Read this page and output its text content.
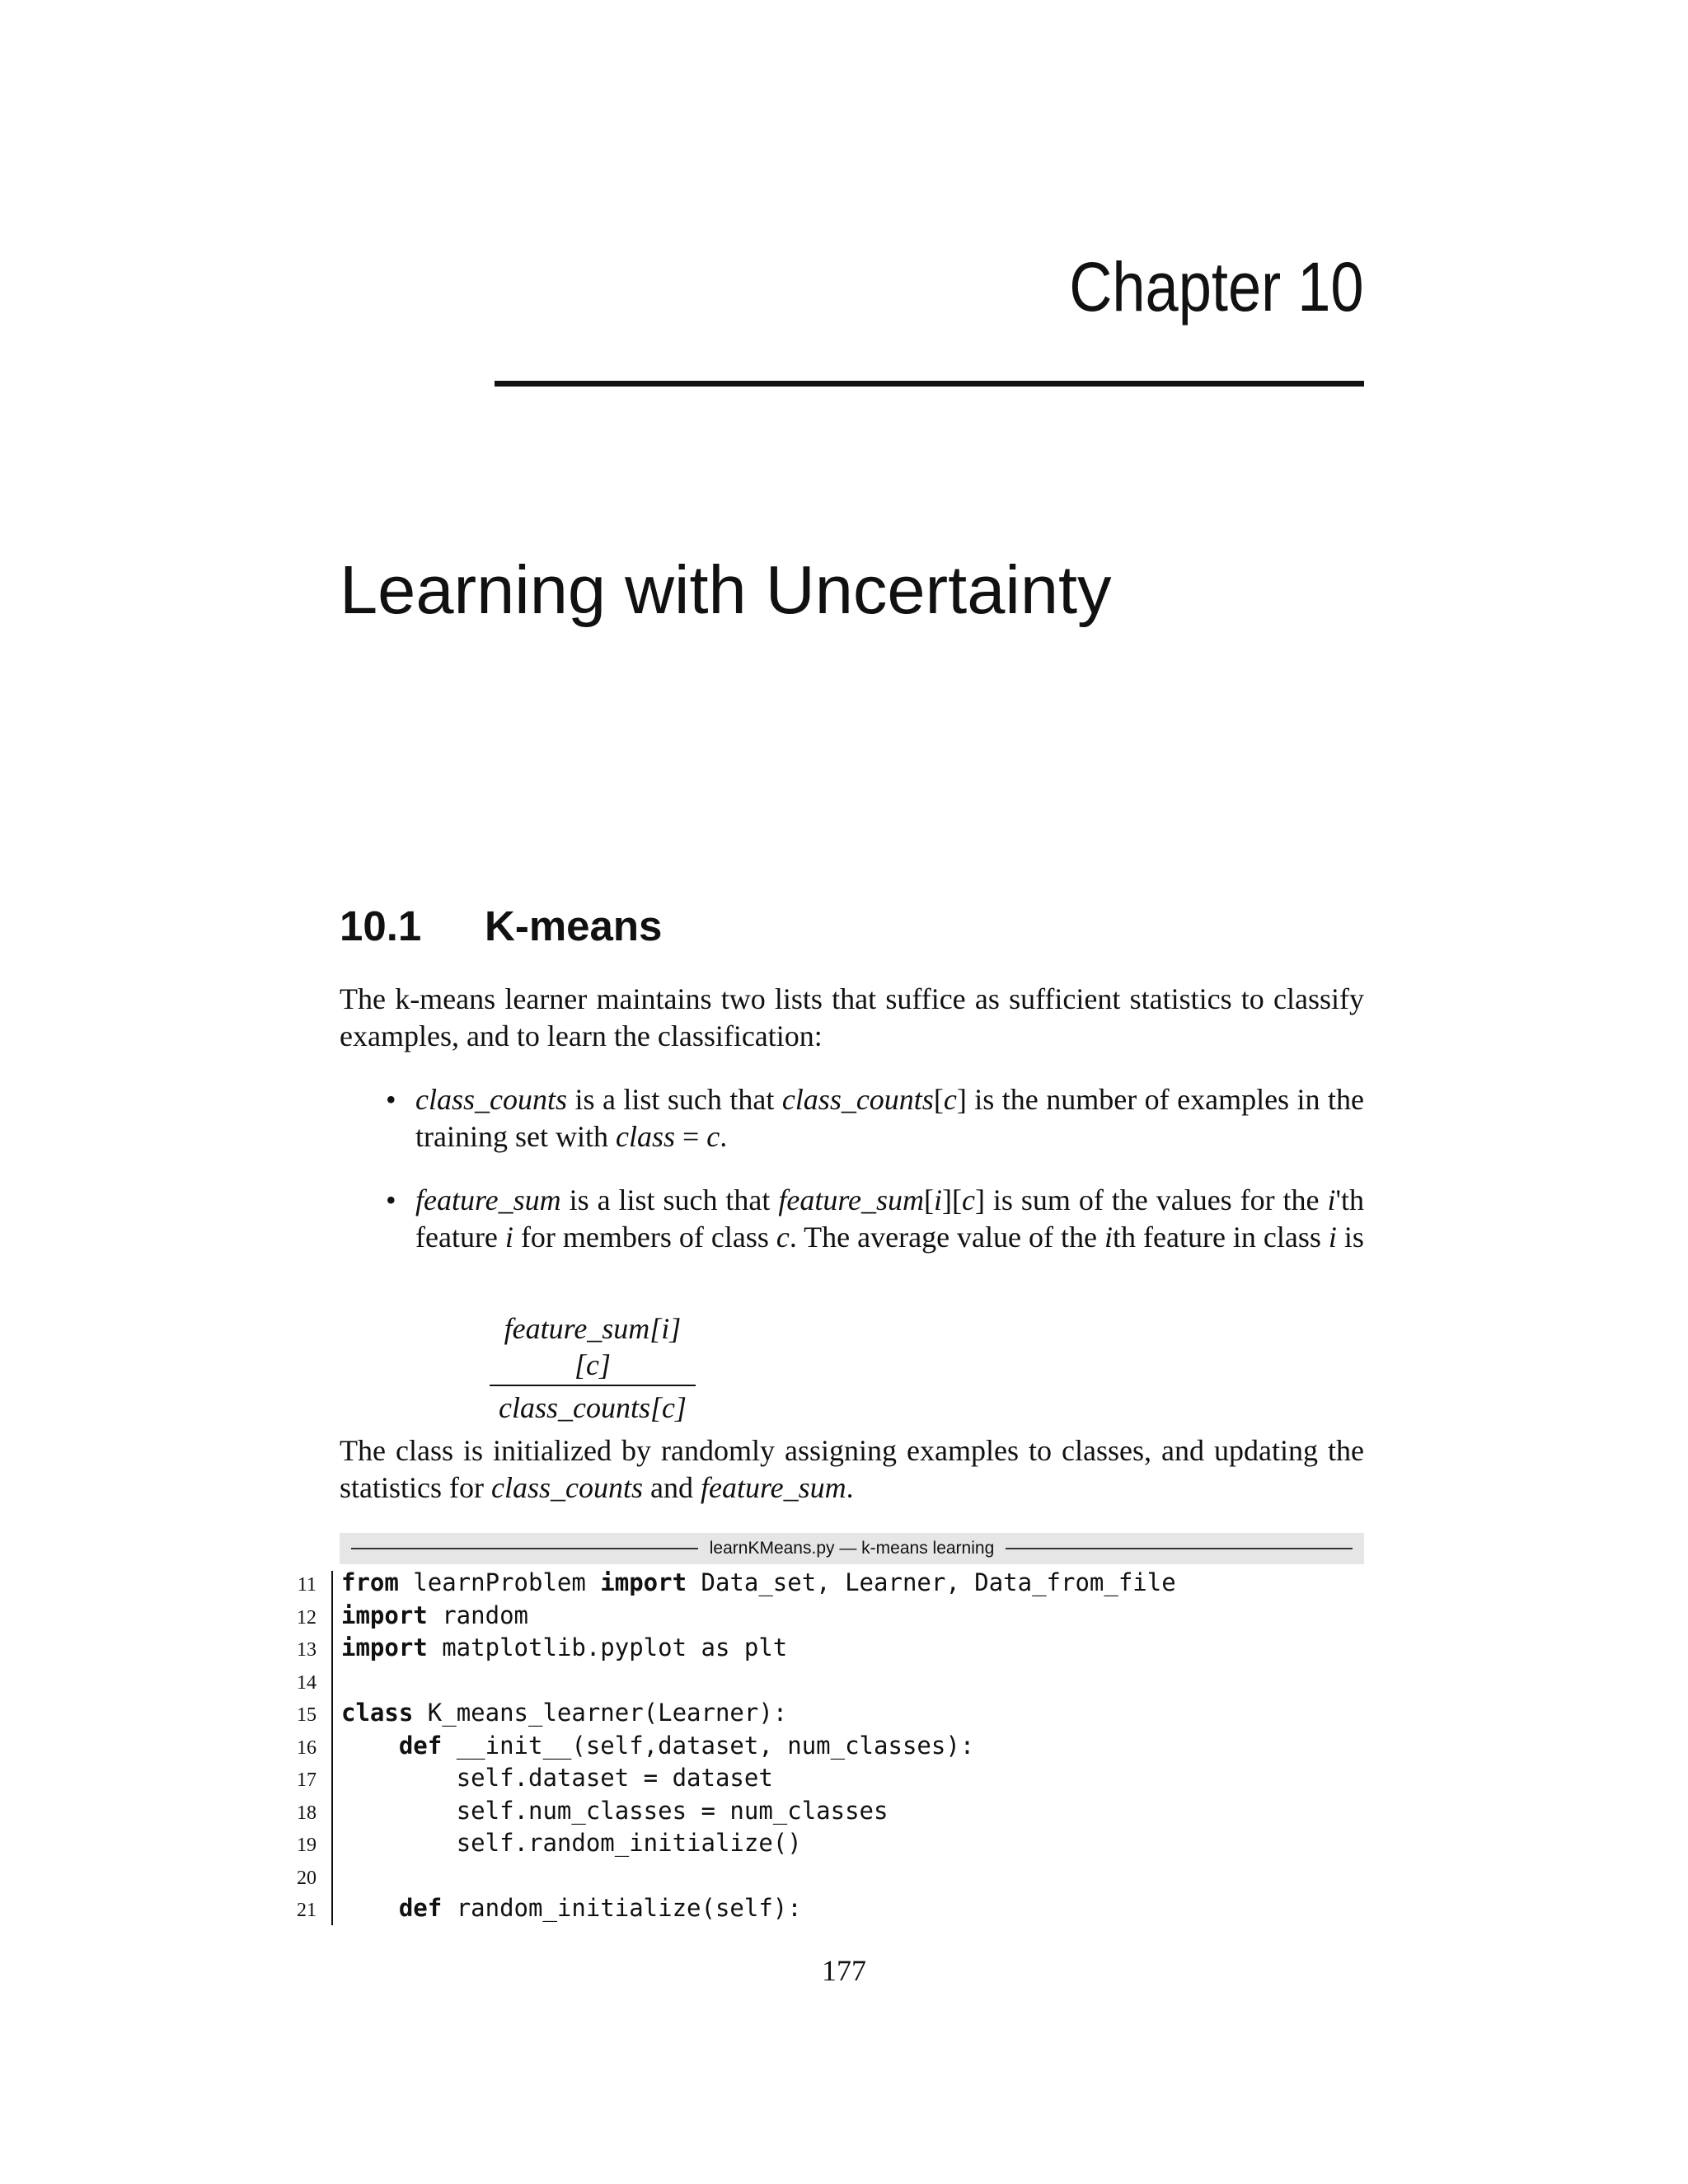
Chapter 10
Learning with Uncertainty
10.1 K-means
The k-means learner maintains two lists that suffice as sufficient statistics to classify examples, and to learn the classification:
• class_counts is a list such that class_counts[c] is the number of examples in the training set with class = c.
• feature_sum is a list such that feature_sum[i][c] is sum of the values for the i'th feature i for members of class c. The average value of the ith feature in class i is
feature_sum[i][c]
class_counts[c]
The class is initialized by randomly assigning examples to classes, and updating the statistics for class_counts and feature_sum.
learnKMeans.py — k-means learning
11 from learnProblem import Data_set, Learner, Data_from_file
12 import random
13 import matplotlib.pyplot as plt
14
15 class K_means_learner(Learner):
16	def __init__(self,dataset, num_classes):
17	self.dataset = dataset
18	self.num_classes = num_classes
19	self.random_initialize()
20
21	def random_initialize(self):
177
